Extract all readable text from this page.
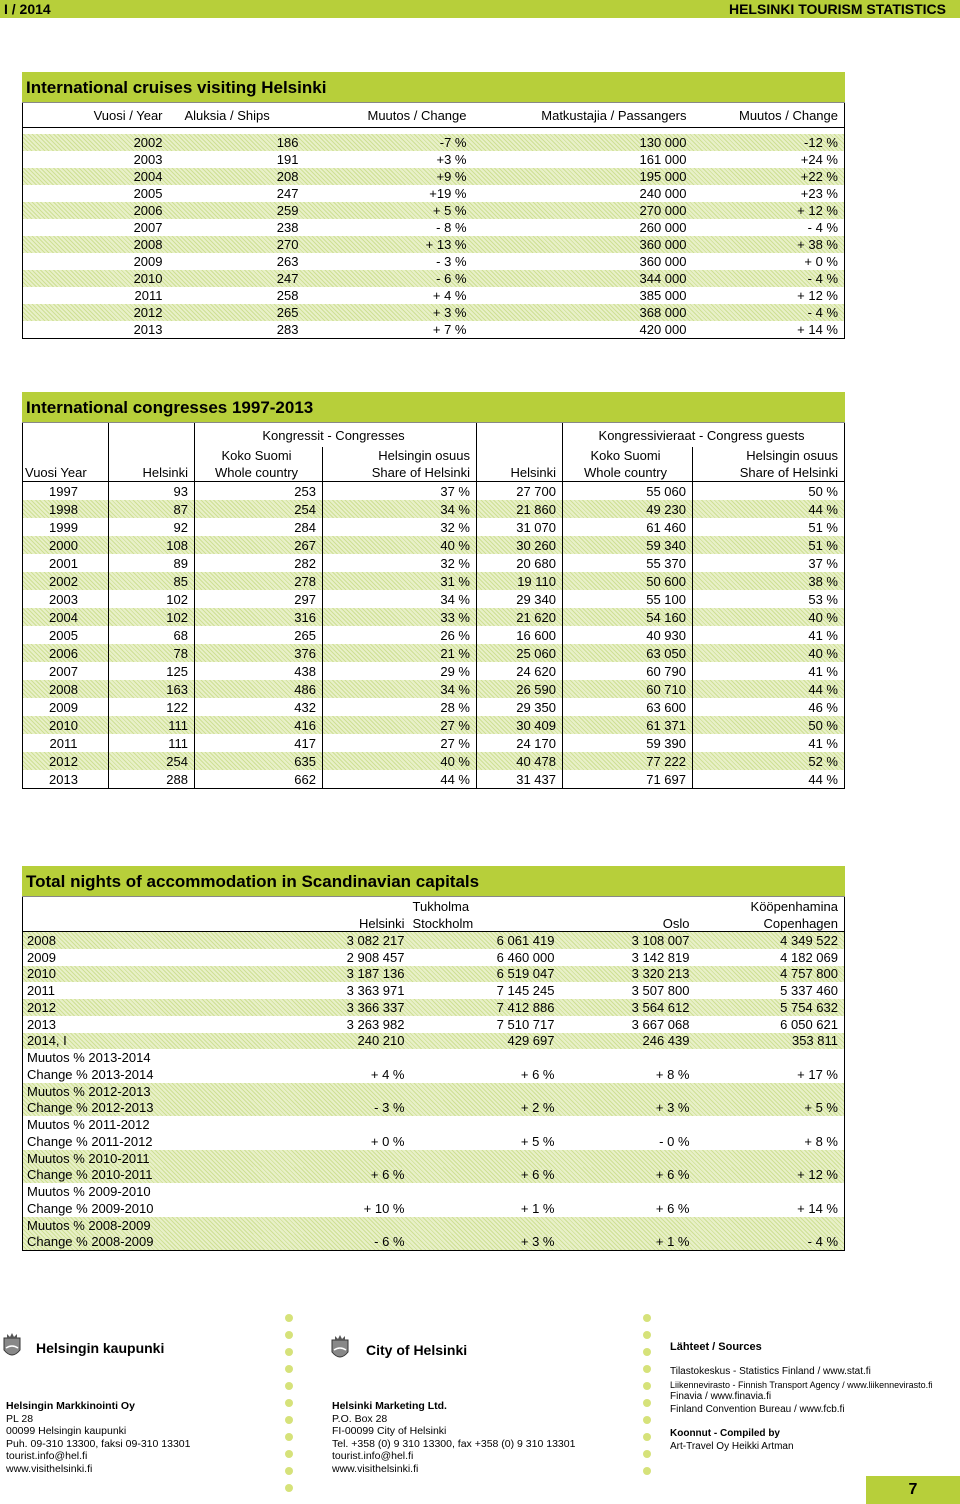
I / 2014	HELSINKI TOURISM STATISTICS
International cruises visiting Helsinki
Vuosi / Year	Aluksia / Ships	Muutos / Change	Matkustajia / Passangers	Muutos / Change

2002	186	-7 %	130 000	-12 %
2003	191	+3 %	161 000	+24 %
2004	208	+9 %	195 000	+22 %
2005	247	+19 %	240 000	+23 %
2006	259	+ 5 %	270 000	+ 12 %
2007	238	- 8 %	260 000	- 4 %
2008	270	+ 13 %	360 000	+ 38 %
2009	263	- 3 %	360 000	+ 0 %
2010	247	- 6 %	344 000	- 4 %
2011	258	+ 4 %	385 000	+ 12 %
2012	265	+ 3 %	368 000	- 4 %
2013	283	+ 7 %	420 000	+ 14 %
International congresses 1997-2013
		Kongressit - Congresses			Kongressivieraat - Congress guests	
		Koko Suomi	Helsingin osuus		Koko Suomi	Helsingin osuus
Vuosi Year	Helsinki	Whole country	Share of Helsinki	Helsinki	Whole country	Share of Helsinki
1997	93	253	37 %	27 700	55 060	50 %
1998	87	254	34 %	21 860	49 230	44 %
1999	92	284	32 %	31 070	61 460	51 %
2000	108	267	40 %	30 260	59 340	51 %
2001	89	282	32 %	20 680	55 370	37 %
2002	85	278	31 %	19 110	50 600	38 %
2003	102	297	34 %	29 340	55 100	53 %
2004	102	316	33 %	21 620	54 160	40 %
2005	68	265	26 %	16 600	40 930	41 %
2006	78	376	21 %	25 060	63 050	40 %
2007	125	438	29 %	24 620	60 790	41 %
2008	163	486	34 %	26 590	60 710	44 %
2009	122	432	28 %	29 350	63 600	46 %
2010	111	416	27 %	30 409	61 371	50 %
2011	111	417	27 %	24 170	59 390	41 %
2012	254	635	40 %	40 478	77 222	52 %
2013	288	662	44 %	31 437	71 697	44 %
Total nights of accommodation in Scandinavian capitals
		Tukholma		Kööpenhamina
	Helsinki	Stockholm	Oslo	Copenhagen
2008	3 082 217	6 061 419	3 108 007	4 349 522
2009	2 908 457	6 460 000	3 142 819	4 182 069
2010	3 187 136	6 519 047	3 320 213	4 757 800
2011	3 363 971	7 145 245	3 507 800	5 337 460
2012	3 366 337	7 412 886	3 564 612	5 754 632
2013	3 263 982	7 510 717	3 667 068	6 050 621
2014, I	240 210	429 697	246 439	353 811
Muutos % 2013-2014				
Change % 2013-2014	+ 4 %	+ 6 %	+ 8 %	+ 17 %
Muutos % 2012-2013				
Change % 2012-2013	- 3 %	+ 2 %	+ 3 %	+ 5 %
Muutos % 2011-2012				
Change % 2011-2012	+ 0 %	+ 5 %	- 0 %	+ 8 %
Muutos % 2010-2011				
Change % 2010-2011	+ 6 %	+ 6 %	+ 6 %	+ 12 %
Muutos % 2009-2010				
Change % 2009-2010	+ 10 %	+ 1 %	+ 6 %	+ 14 %
Muutos % 2008-2009				
Change % 2008-2009	- 6 %	+ 3 %	+ 1 %	- 4 %
Helsingin kaupunki	City of Helsinki
Helsingin Markkinointi Oy
PL 28
00099 Helsingin kaupunki
Puh. 09-310 13300, faksi 09-310 13301
tourist.info@hel.fi
www.visithelsinki.fi
Helsinki Marketing Ltd.
P.O. Box 28
FI-00099 City of Helsinki
Tel. +358 (0) 9 310 13300, fax +358 (0) 9 310 13301
tourist.info@hel.fi
www.visithelsinki.fi
Lähteet / Sources
Tilastokeskus - Statistics Finland / www.stat.fi
Liikennevirasto - Finnish Transport Agency / www.liikennevirasto.fi
Finavia / www.finavia.fi
Finland Convention Bureau / www.fcb.fi
Koonnut - Compiled by
Art-Travel Oy Heikki Artman
7
